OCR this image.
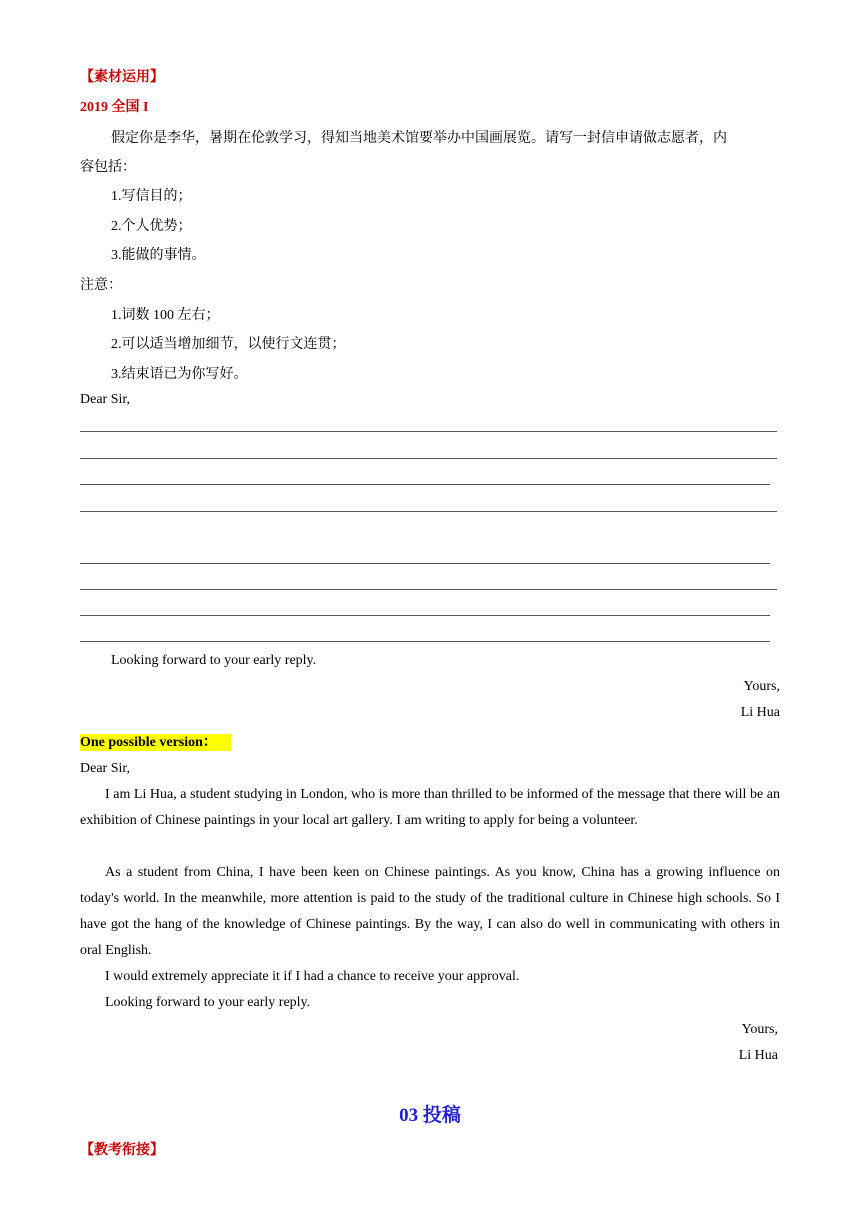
【素材运用】
2019 全国 I
假定你是李华，暑期在伦敦学习，得知当地美术馆要举办中国画展览。请写一封信申请做志愿者，内
容包括：
1.写信目的；
2.个人优势；
3.能做的事情。
注意：
1.词数 100 左右；
2.可以适当增加细节，以使行文连贯；
3.结束语已为你写好。
Dear Sir,
Looking forward to your early reply.
Yours,
Li Hua
One possible version：
Dear Sir,
I am Li Hua, a student studying in London, who is more than thrilled to be informed of the message that there will be an exhibition of Chinese paintings in your local art gallery. I am writing to apply for being a volunteer.
As a student from China, I have been keen on Chinese paintings. As you know, China has a growing influence on today's world. In the meanwhile, more attention is paid to the study of the traditional culture in Chinese high schools. So I have got the hang of the knowledge of Chinese paintings. By the way, I can also do well in communicating with others in oral English.
I would extremely appreciate it if I had a chance to receive your approval.
Looking forward to your early reply.
Yours,
Li Hua
03 投稿
【教考衔接】
